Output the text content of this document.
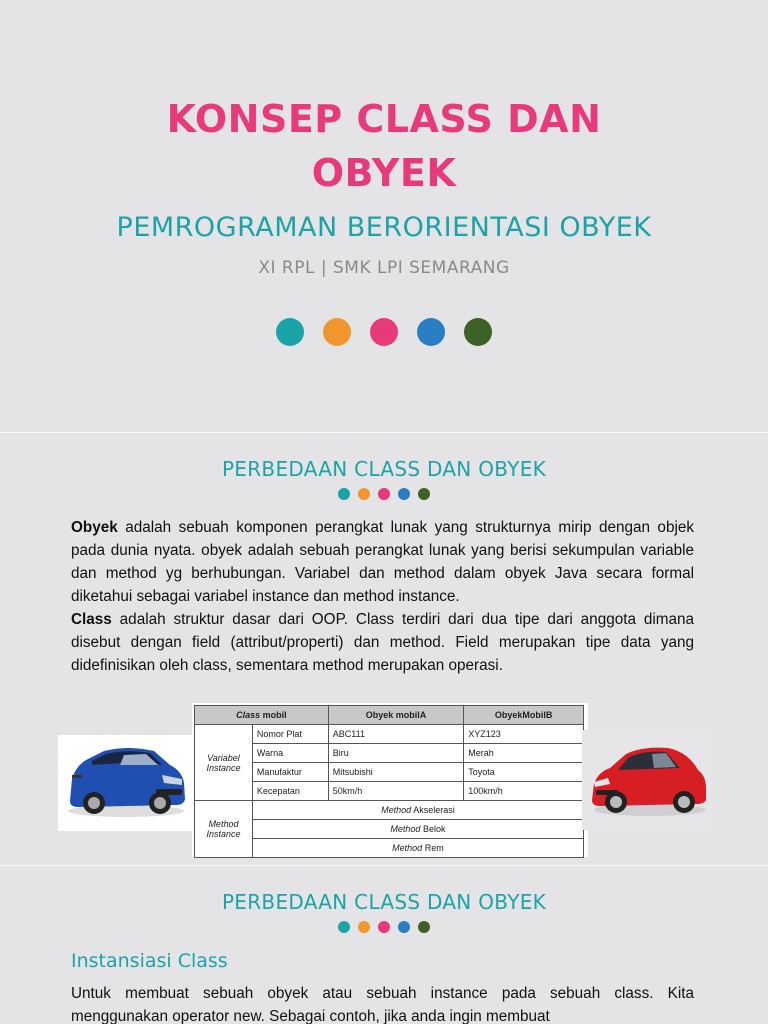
KONSEP CLASS DAN
OBYEK
PEMROGRAMAN BERORIENTASI OBYEK
XI RPL | SMK LPI SEMARANG
PERBEDAAN CLASS DAN OBYEK

Obyek adalah sebuah komponen perangkat lunak yang strukturnya mirip dengan objek pada dunia nyata. obyek adalah sebuah perangkat lunak yang berisi sekumpulan variable dan method yg berhubungan. Variabel dan method dalam obyek Java secara formal diketahui sebagai variabel instance dan method instance.

Class adalah struktur dasar dari OOP. Class terdiri dari dua tipe dari anggota dimana disebut dengan field (attribut/properti) dan method. Field merupakan tipe data yang didefinisikan oleh class, sementara method merupakan operasi.

Class mobil		Obyek mobilA	ObyekMobilB

Variabel
Instance	Nomor Plat	ABC111	XYZ123
	Warna	Biru	Merah
	Manufaktur	Mitsubishi	Toyota
	Kecepatan	50km/h	100km/h

Method
Instance	Method Akselerasi		
	Method Belok		
	Method Rem		
PERBEDAAN CLASS DAN OBYEK
Instansiasi Class

Untuk membuat sebuah obyek atau sebuah instance pada sebuah class. Kita menggunakan operator new. Sebagai contoh, jika anda ingin membuat
